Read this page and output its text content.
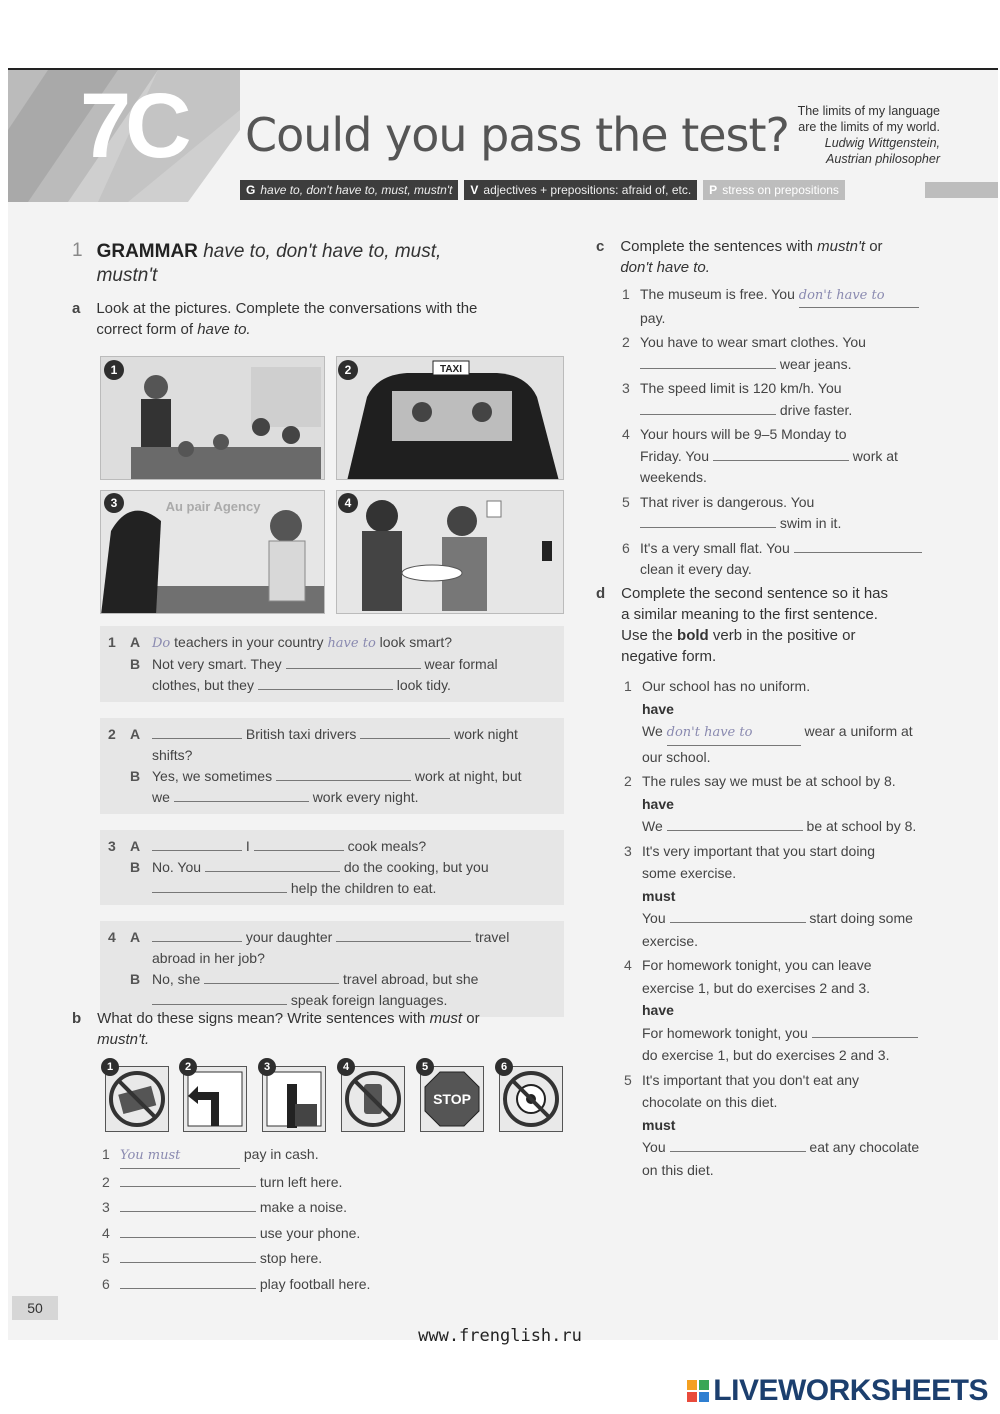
7C Could you pass the test? The limits of my language
are the limits of my world.
Ludwig Wittgenstein,
Austrian philosopher
G have to, don't have to, must, mustn't V adjectives + prepositions: afraid of, etc. P stress on prepositions
1 GRAMMAR have to, don't have to, must,
mustn't
a Look at the pictures. Complete the conversations with the
correct form of have to.
1	TAXI
2
Au pair Agency
3	4
1	A Do teachers in your country have to look smart?
B Not very smart. They	wear formal
clothes, but they	look tidy.
2	A	British taxi drivers	work night
shifts?
B Yes, we sometimes	work at night, but
we	work every night.
3	A	I	cook meals?
B No. You	do the cooking, but you
help the children to eat.
4	A	your daughter	travel
abroad in her job?
B No, she	travel abroad, but she
speak foreign languages.
b What do these signs mean? Write sentences with must or
mustn't.
1	2	3	4
STOP
5	6
1 You must	pay in cash.
2	turn left here.
3	make a noise.
4	use your phone.
5	stop here.
6	play football here.
c Complete the sentences with mustn't or
don't have to.
1 The museum is free. You don't have to
pay.
2 You have to wear smart clothes. You
wear jeans.
3 The speed limit is 120 km/h. You
drive faster.
4 Your hours will be 9–5 Monday to
Friday. You	work at
weekends.
5 That river is dangerous. You
swim in it.
6 It's a very small flat. You
clean it every day.
d Complete the second sentence so it has
a similar meaning to the first sentence.
Use the bold verb in the positive or
negative form.
1 Our school has no uniform.
have
We don't have to	wear a uniform at
our school.
2 The rules say we must be at school by 8.
have
We	be at school by 8.
3 It's very important that you start doing
some exercise.
must
You	start doing some
exercise.
4 For homework tonight, you can leave
exercise 1, but do exercises 2 and 3.
have
For homework tonight, you
do exercise 1, but do exercises 2 and 3.
5 It's important that you don't eat any
chocolate on this diet.
must
You	eat any chocolate
on this diet.
50
www.frenglish.ru
LIVEWORKSHEETS
